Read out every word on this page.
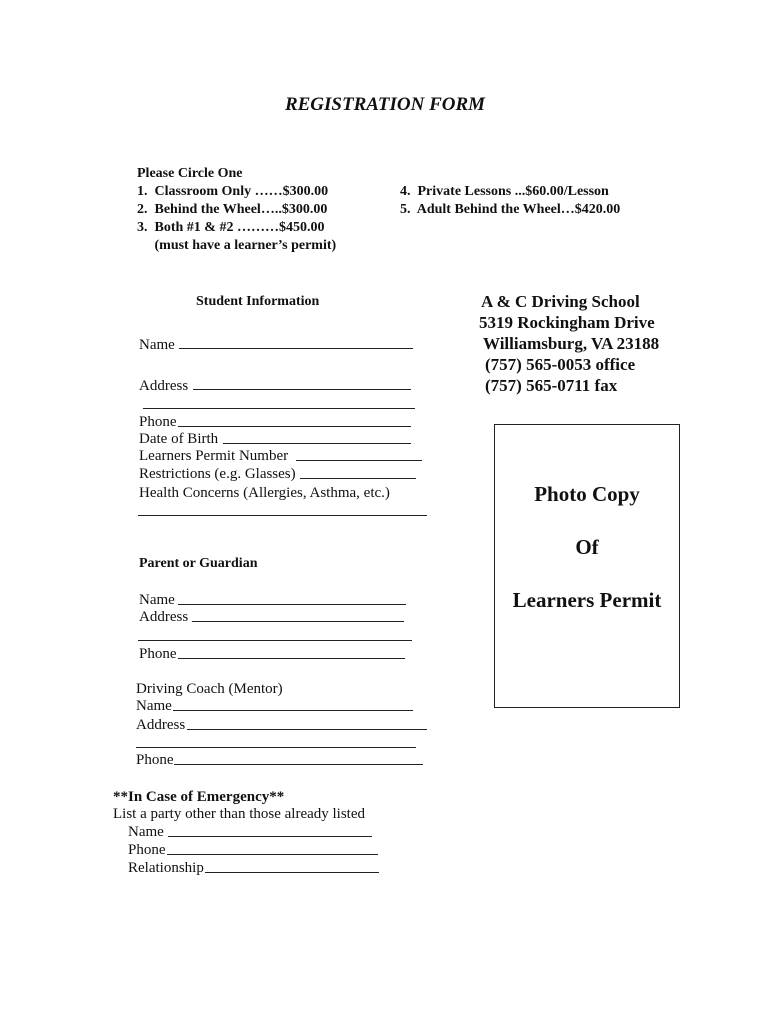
REGISTRATION FORM
Please Circle One
1.  Classroom Only ……$300.00
2.  Behind the Wheel…..$300.00
3.  Both #1 & #2 ………$450.00
(must have a learner’s permit)
4.  Private Lessons ...$60.00/Lesson
5.  Adult Behind the Wheel…$420.00
A & C Driving School
5319 Rockingham Drive
Williamsburg, VA 23188
(757) 565-0053 office
(757) 565-0711 fax
Student Information
Name
Address
Phone
Date of Birth
Learners Permit Number
Restrictions (e.g. Glasses)
Health Concerns (Allergies, Asthma, etc.)
Parent or Guardian
Name
Address
Phone
Driving Coach (Mentor)
Name
Address
Phone
**In Case of Emergency**
List a party other than those already listed
Name
Phone
Relationship
Photo Copy
Of
Learners Permit
